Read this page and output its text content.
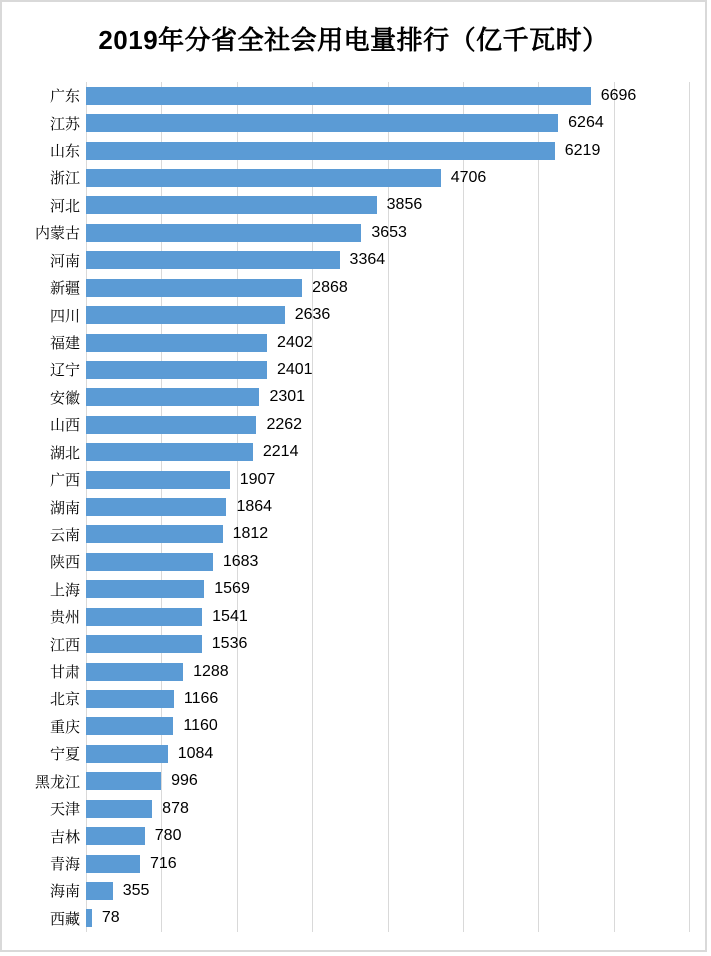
2019年分省全社会用电量排行（亿千瓦时）
广东	6696
江苏	6264
山东	6219
浙江	4706
河北	3856
内蒙古	3653
河南	3364
新疆	2868
四川	2636
福建	2402
辽宁	2401
安徽	2301
山西	2262
湖北	2214
广西	1907
湖南	1864
云南	1812
陕西	1683
上海	1569
贵州	1541
江西	1536
甘肃	1288
北京	1166
重庆	1160
宁夏	1084
黑龙江	996
天津	878
吉林	780
青海	716
海南	355
西藏	78
